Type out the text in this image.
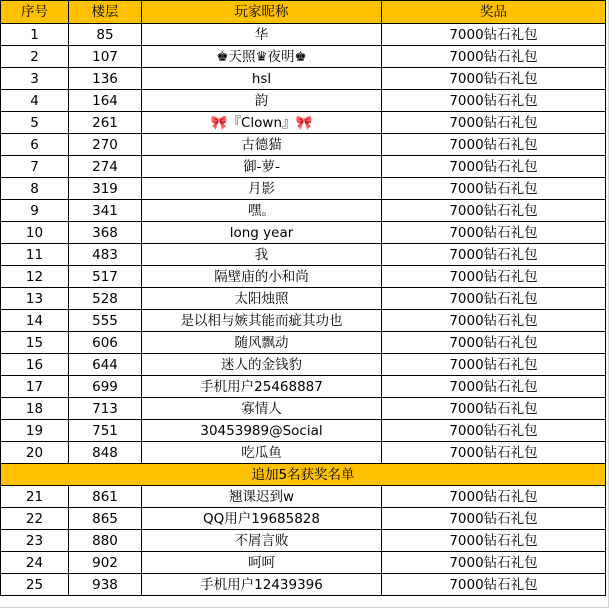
序号	楼层	玩家昵称	奖品
1	85	华	7000钻石礼包
2	107	♚天照♛夜明♚	7000钻石礼包
3	136	hsl	7000钻石礼包
4	164	韵	7000钻石礼包
5	261	🎀『Clown』🎀	7000钻石礼包
6	270	古德猫	7000钻石礼包
7	274	御-萝-	7000钻石礼包
8	319	月影	7000钻石礼包
9	341	嘿。	7000钻石礼包
10	368	long year	7000钻石礼包
11	483	我	7000钻石礼包
12	517	隔壁庙的小和尚	7000钻石礼包
13	528	太阳烛照	7000钻石礼包
14	555	是以相与嫉其能而疵其功也	7000钻石礼包
15	606	随风飘动	7000钻石礼包
16	644	迷人的金钱豹	7000钻石礼包
17	699	手机用户25468887	7000钻石礼包
18	713	寡情人	7000钻石礼包
19	751	30453989@Social	7000钻石礼包
20	848	吃瓜鱼	7000钻石礼包
追加5名获奖名单			
21	861	翘课迟到w	7000钻石礼包
22	865	QQ用户19685828	7000钻石礼包
23	880	不屑言败	7000钻石礼包
24	902	呵呵	7000钻石礼包
25	938	手机用户12439396	7000钻石礼包
